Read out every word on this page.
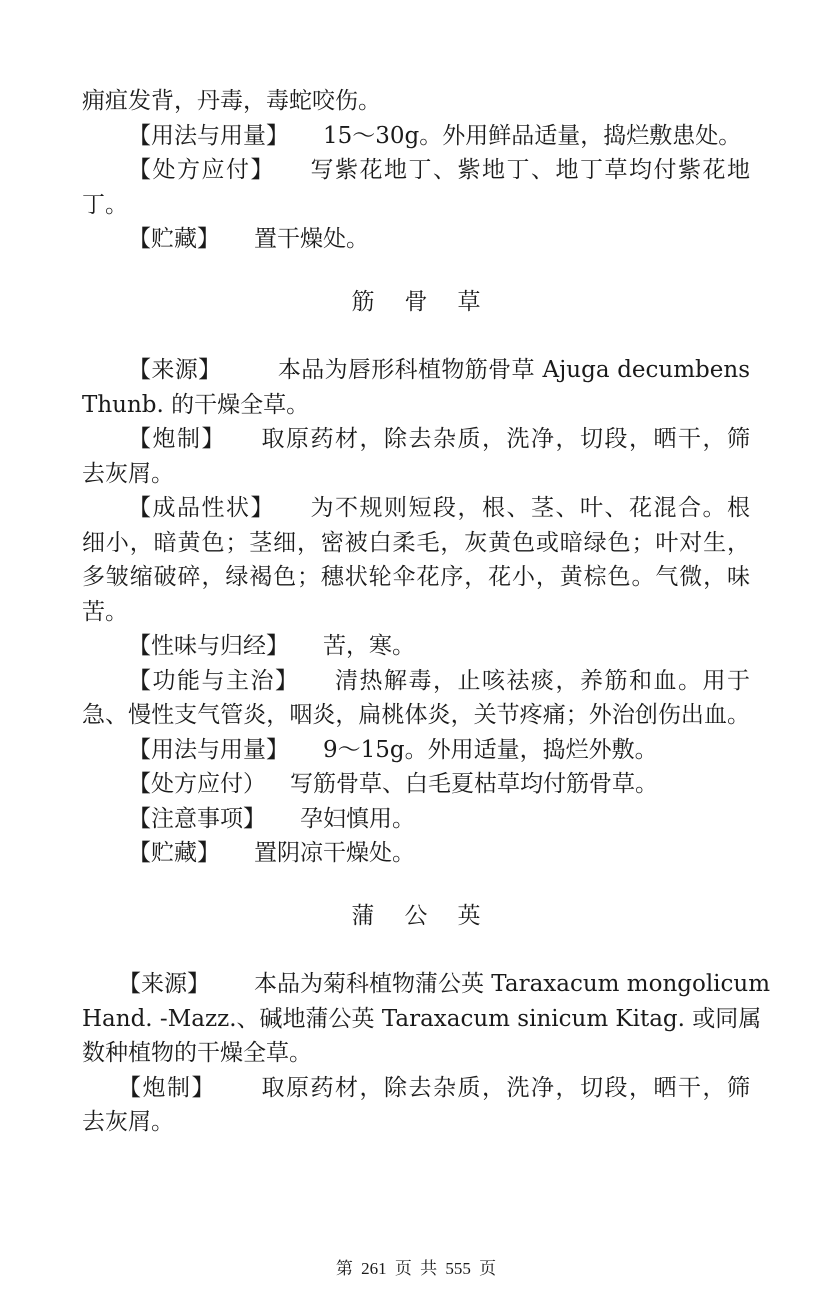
痈疽发背，丹毒，毒蛇咬伤。
【用法与用量】 15～30g。外用鲜品适量，捣烂敷患处。
【处方应付】 写紫花地丁、紫地丁、地丁草均付紫花地
丁。
【贮藏】 置干燥处。
筋骨草
【来源】 本品为唇形科植物筋骨草 Ajuga decumbens
Thunb. 的干燥全草。
【炮制】 取原药材，除去杂质，洗净，切段，晒干，筛
去灰屑。
【成品性状】 为不规则短段，根、茎、叶、花混合。根
细小，暗黄色；茎细，密被白柔毛，灰黄色或暗绿色；叶对生，
多皱缩破碎，绿褐色；穗状轮伞花序，花小，黄棕色。气微，味
苦。
【性味与归经】 苦，寒。
【功能与主治】 清热解毒，止咳祛痰，养筋和血。用于
急、慢性支气管炎，咽炎，扁桃体炎，关节疼痛；外治创伤出血。
【用法与用量】 9～15g。外用适量，捣烂外敷。
【处方应付） 写筋骨草、白毛夏枯草均付筋骨草。
【注意事项】 孕妇慎用。
【贮藏】 置阴凉干燥处。
蒲公英
【来源】 本品为菊科植物蒲公英 Taraxacum mongolicum
Hand. -Mazz.、碱地蒲公英 Taraxacum sinicum Kitag. 或同属
数种植物的干燥全草。
【炮制】 取原药材，除去杂质，洗净，切段，晒干，筛
去灰屑。
第 261 页 共 555 页
